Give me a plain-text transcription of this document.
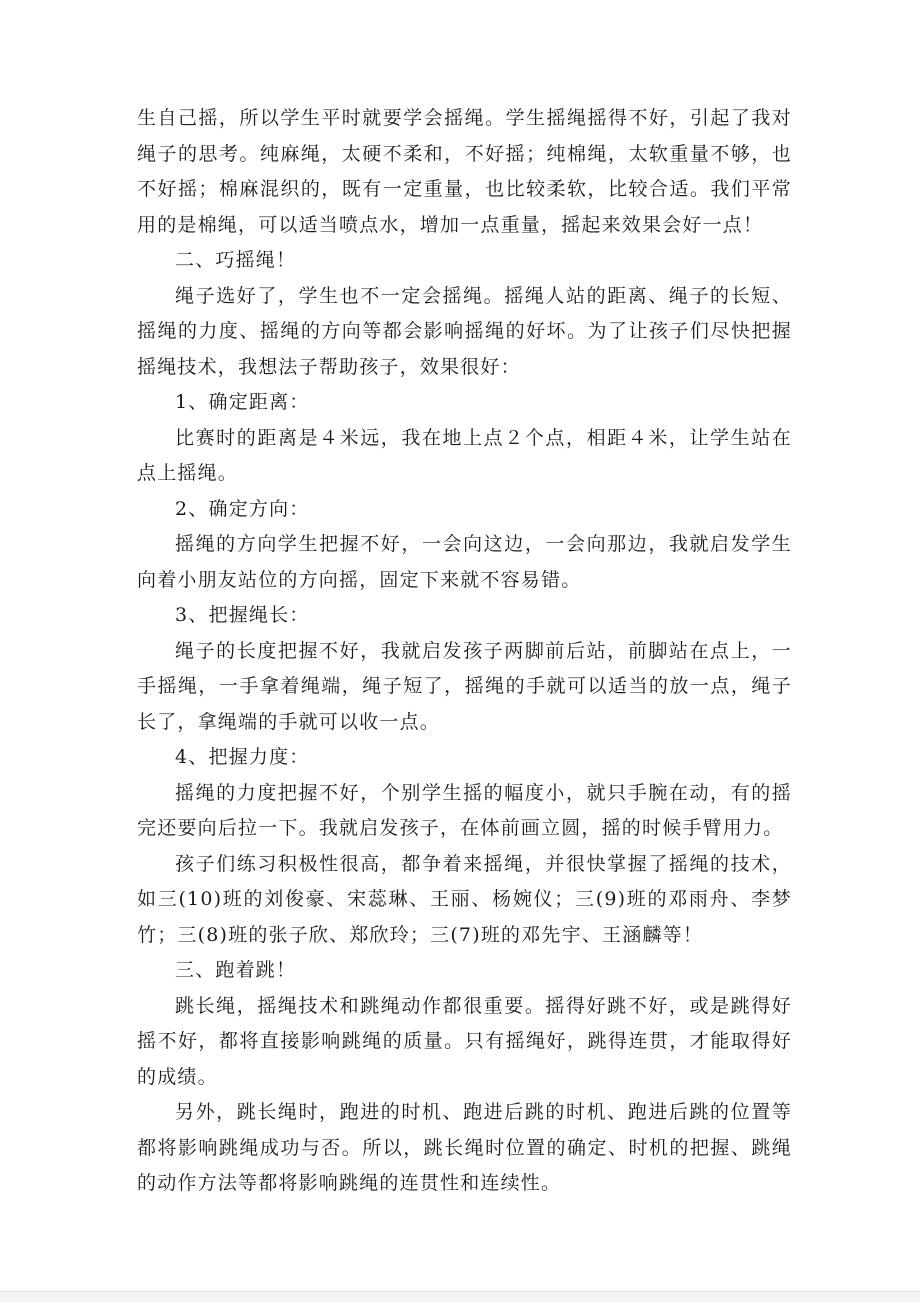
生自己摇，所以学生平时就要学会摇绳。学生摇绳摇得不好，引起了我对绳子的思考。纯麻绳，太硬不柔和，不好摇；纯棉绳，太软重量不够，也不好摇；棉麻混织的，既有一定重量，也比较柔软，比较合适。我们平常用的是棉绳，可以适当喷点水，增加一点重量，摇起来效果会好一点！

二、巧摇绳！

绳子选好了，学生也不一定会摇绳。摇绳人站的距离、绳子的长短、摇绳的力度、摇绳的方向等都会影响摇绳的好坏。为了让孩子们尽快把握摇绳技术，我想法子帮助孩子，效果很好：

1、确定距离：

比赛时的距离是４米远，我在地上点２个点，相距４米，让学生站在点上摇绳。

2、确定方向：

摇绳的方向学生把握不好，一会向这边，一会向那边，我就启发学生向着小朋友站位的方向摇，固定下来就不容易错。

3、把握绳长：

绳子的长度把握不好，我就启发孩子两脚前后站，前脚站在点上，一手摇绳，一手拿着绳端，绳子短了，摇绳的手就可以适当的放一点，绳子长了，拿绳端的手就可以收一点。

4、把握力度：

摇绳的力度把握不好，个别学生摇的幅度小，就只手腕在动，有的摇完还要向后拉一下。我就启发孩子，在体前画立圆，摇的时候手臂用力。

孩子们练习积极性很高，都争着来摇绳，并很快掌握了摇绳的技术，如三(10)班的刘俊豪、宋蕊琳、王丽、杨婉仪；三(9)班的邓雨舟、李梦竹；三(8)班的张子欣、郑欣玲；三(7)班的邓先宇、王涵麟等！

三、跑着跳！

跳长绳，摇绳技术和跳绳动作都很重要。摇得好跳不好，或是跳得好摇不好，都将直接影响跳绳的质量。只有摇绳好，跳得连贯，才能取得好的成绩。

另外，跳长绳时，跑进的时机、跑进后跳的时机、跑进后跳的位置等都将影响跳绳成功与否。所以，跳长绳时位置的确定、时机的把握、跳绳的动作方法等都将影响跳绳的连贯性和连续性。
